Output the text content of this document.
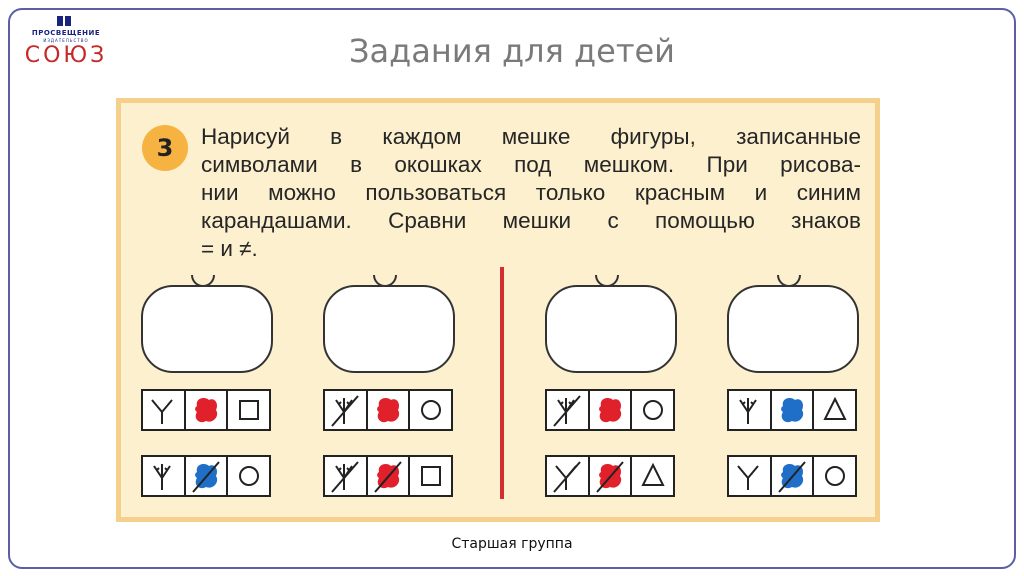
ПРОСВЕЩЕНИЕ
ИЗДАТЕЛЬСТВО
СОЮЗ	Задания для детей
3	Нарисуй в каждом мешке фигуры, записанные
символами в окошках под мешком. При рисова-
нии можно пользоваться только красным и синим
карандашами. Сравни мешки с помощью знаков
= и ≠.
Старшая группа
